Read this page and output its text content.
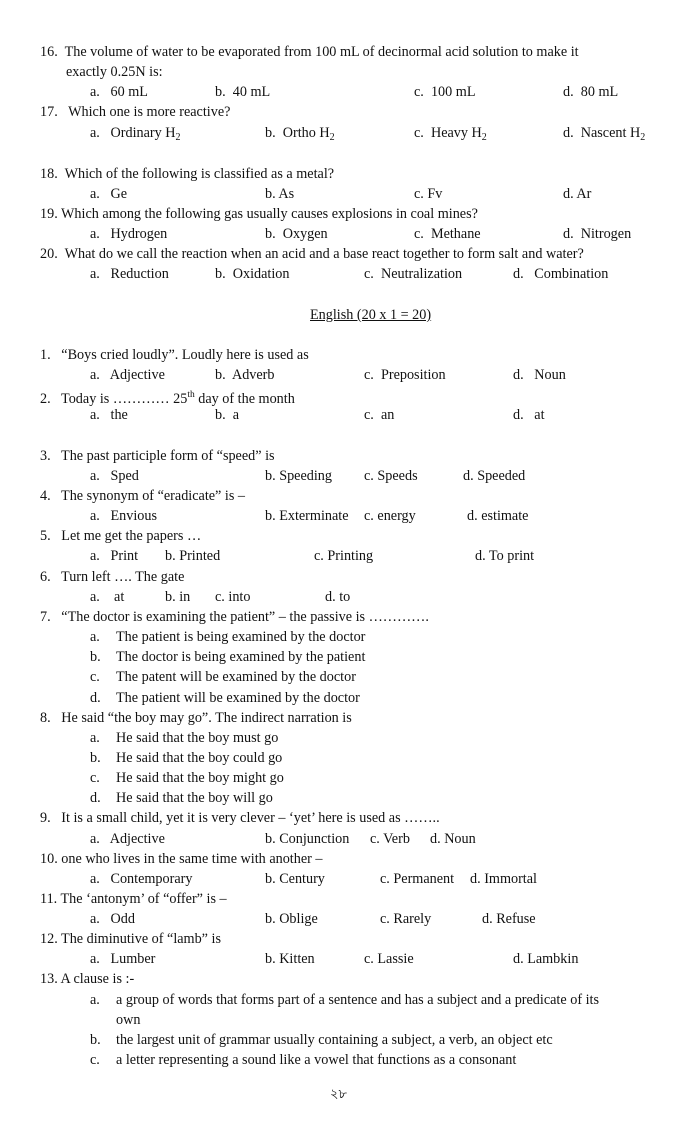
16. The volume of water to be evaporated from 100 mL of decinormal acid solution to make it
exactly 0.25N is:
a. 60 mL	b. 40 mL	c. 100 mL	d. 80 mL
17. Which one is more reactive?
a. Ordinary $H_2$	b. Ortho $H_2$	c. Heavy $H_2$	d. Nascent $H_2$
18. Which of the following is classified as a metal?
a. Ge	b. As	c. Fv	d. Ar
19. Which among the following gas usually causes explosions in coal mines?
a. Hydrogen	b. Oxygen	c. Methane	d. Nitrogen
20. What do we call the reaction when an acid and a base react together to form salt and water?
a. Reduction	b. Oxidation	c. Neutralization	d. Combination
English (20 x 1 = 20)
1. “Boys cried loudly”. Loudly here is used as
a. Adjective	b. Adverb	c. Preposition	d. Noun
2. Today is ………… 25th day of the month
a. the	b. a	c. an	d. at
3. The past participle form of “speed” is
a. Sped	b. Speeding c. Speeds	d. Speeded
4. The synonym of “eradicate” is –
a. Envious	b. Exterminate c. energy	d. estimate
5. Let me get the papers …
a. Print b. Printed	c. Printing	d. To print
6. Turn left …. The gate
a. at	b. in c. into	d. to
7. “The doctor is examining the patient” – the passive is ………….
a. The patient is being examined by the doctor
b. The doctor is being examined by the patient
c. The patent will be examined by the doctor
d. The patient will be examined by the doctor
8. He said “the boy may go”. The indirect narration is
a. He said that the boy must go
b. He said that the boy could go
c. He said that the boy might go
d. He said that the boy will go
9. It is a small child, yet it is very clever – ‘yet’ here is used as ……..
a. Adjective	b. Conjunction c. Verb d. Noun
10. one who lives in the same time with another –
a. Contemporary	b. Century	c. Permanent d. Immortal
11. The ‘antonym’ of “offer” is –
a. Odd	b. Oblige	c. Rarely	d. Refuse
12. The diminutive of “lamb” is
a. Lumber	b. Kitten	c. Lassie	d. Lambkin
13. A clause is :-
a. a group of words that forms part of a sentence and has a subject and a predicate of its
own
b. the largest unit of grammar usually containing a subject, a verb, an object etc
c. a letter representing a sound like a vowel that functions as a consonant
২৮
